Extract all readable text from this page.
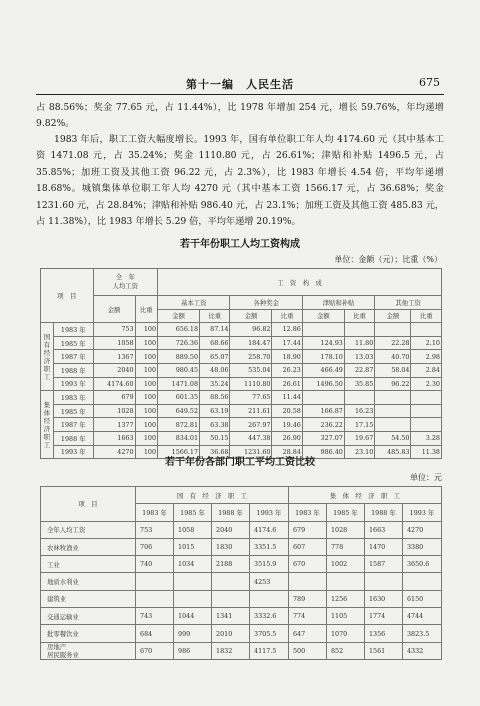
第十一编　人民生活	675
占 88.56%；奖金 77.65 元，占 11.44%），比 1978 年增加 254 元，增长 59.76%，年均递增 9.82%。
1983 年后，职工工资大幅度增长。1993 年，国有单位职工年人均 4174.60 元（其中基本工资 1471.08 元，占 35.24%；奖金 1110.80 元，占 26.61%；津贴和补贴 1496.5 元，占 35.85%；加班工资及其他工资 96.22 元，占 2.3%），比 1983 年增长 4.54 倍，平均年递增 18.68%。城镇集体单位职工年人均 4270 元（其中基本工资 1566.17 元，占 36.68%；奖金 1231.60 元，占 28.84%；津贴和补贴 986.40 元，占 23.1%；加班工资及其他工资 485.83 元，占 11.38%），比 1983 年增长 5.29 倍，平均年递增 20.19%。
若干年份职工人均工资构成
单位：金额（元）；比重（%）
项　目		全　年
人均工资		工　资　构　成							
		金额	比重	基本工资		各种奖金		津贴和补贴		其他工资	
				金额	比重	金额	比重	金额	比重	金额	比重
国有经济职工	1983 年	753	100	656.18	87.14	96.82	12.86				
	1985 年	1058	100	726.36	68.66	184.47	17.44	124.93	11.80	22.28	2.10
	1987 年	1367	100	889.50	65.07	258.70	18.90	178.10	13.03	40.70	2.98
	1988 年	2040	100	980.45	48.06	535.04	26.23	466.49	22.87	58.04	2.84
	1993 年	4174.60	100	1471.08	35.24	1110.80	26.61	1496.50	35.85	96.22	2.30
集体经济职工	1983 年	679	100	601.35	88.56	77.65	11.44				
	1985 年	1028	100	649.52	63.19	211.61	20.58	166.87	16.23		
	1987 年	1377	100	872.81	63.38	267.97	19.46	236.22	17.15		
	1988 年	1663	100	834.01	50.15	447.38	26.90	327.07	19.67	54.50	3.28
	1993 年	4270	100	1566.17	36.68	1231.60	28.84	986.40	23.10	485.83	11.38
若干年份各部门职工平均工资比较
单位：元
项　目	国　有　经　济　职　工				集　体　经　济　职　工			
	1983 年	1985 年	1988 年	1993 年	1983 年	1985 年	1988 年	1993 年
全年人均工资	753	1058	2040	4174.6	679	1028	1663	4270
农林牧渔业	706	1015	1830	3351.5	607	778	1470	3380
工业	740	1034	2188	3515.9	670	1002	1587	3650.6
地质水利业				4253				
建筑业					789	1256	1630	6150
交通运输业	743	1044	1341	3332.6	774	1105	1774	4744
批零餐饮业	684	999	2010	3705.5	647	1070	1356	3823.5
房地产
居民服务业	670	986	1832	4117.5	500	852	1561	4332
